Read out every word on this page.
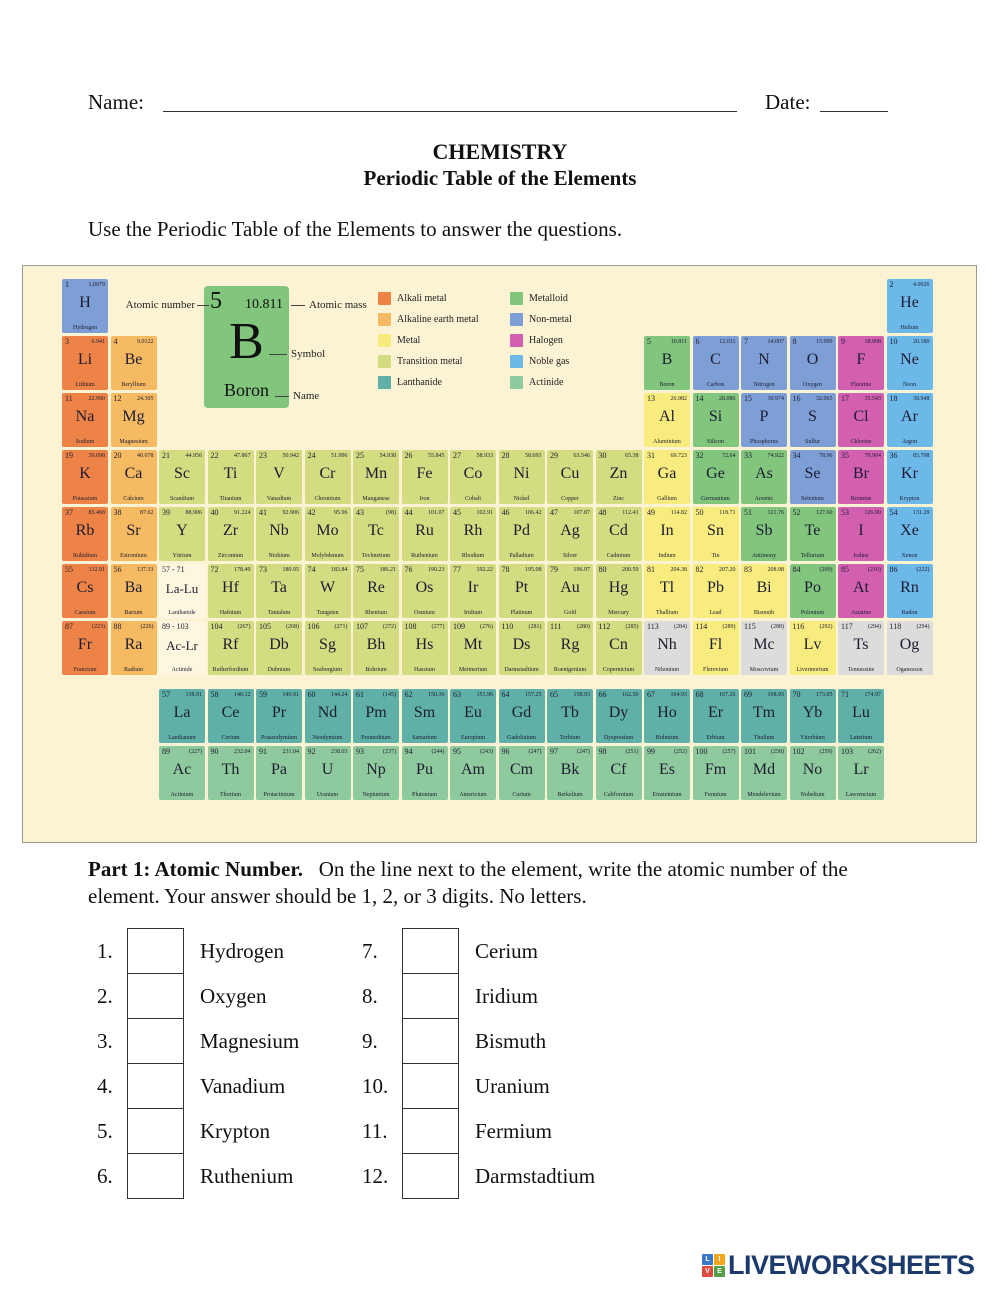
Name:	Date:
CHEMISTRY
Periodic Table of the Elements
Use the Periodic Table of the Elements to answer the questions.
5	10.811
B
Boron
Atomic number	Atomic mass
Symbol
Name
Alkali metal
Alkaline earth metal
Metal
Transition metal
Lanthanide
Metalloid
Non-metal
Halogen
Noble gas
Actinide
1	1.0079
H
Hydrogen
2	4.0026
He
Helium
3	6.941
Li
Lithium
4	9.0122
Be
Beryllium
5	10.811
B
Boron
6	12.011
C
Carbon
7	14.007
N
Nitrogen
8	15.999
O
Oxygen
9	18.998
F
Fluorine
10	20.180
Ne
Neon
11	22.990
Na
Sodium
12	24.305
Mg
Magnesium
13	26.982
Al
Aluminium
14	28.086
Si
Silicon
15	30.974
P
Phosphorus
16	32.065
S
Sulfur
17	35.543
Cl
Chlorine
18	39.948
Ar
Argon
19	39.098
K
Potassium
20	40.078
Ca
Calcium
21	44.956
Sc
Scandium
22	47.867
Ti
Titanium
23	50.942
V
Vanadium
24	51.996
Cr
Chromium
25	54.938
Mn
Manganese
26	55.845
Fe
Iron
27	58.933
Co
Cobalt
28	58.693
Ni
Nickel
29	63.546
Cu
Copper
30	65.38
Zn
Zinc
31	69.723
Ga
Gallium
32	72.64
Ge
Germanium
33	74.922
As
Arsenic
34	78.96
Se
Selenium
35	79.904
Br
Bromine
36	83.798
Kr
Krypton
37	85.468
Rb
Rubidium
38	87.62
Sr
Estrontium
39	88.906
Y
Yttrium
40	91.224
Zr
Zirconium
41	92.906
Nb
Niobium
42	95.96
Mo
Molybdenum
43	(98)
Tc
Technetium
44	101.07
Ru
Ruthenium
45	102.91
Rh
Rhodium
46	106.42
Pd
Palladium
47	107.87
Ag
Silver
48	112.41
Cd
Cadmium
49	114.82
In
Indium
50	118.71
Sn
Tin
51	121.76
Sb
Antimony
52	127.60
Te
Tellurium
53	126.90
I
Iodine
54	131.29
Xe
Xenon
55	132.91
Cs
Caesium
56	137.33
Ba
Barium
57 - 71
La-Lu
Lanthanide
72	178.49
Hf
Hafnium
73	180.95
Ta
Tantalum
74	183.84
W
Tungsten
75	186.21
Re
Rhenium
76	190.23
Os
Osmium
77	192.22
Ir
Iridium
78	195.08
Pt
Platinum
79	196.97
Au
Gold
80	200.59
Hg
Mercury
81	204.38
Tl
Thallium
82	207.20
Pb
Lead
83	208.98
Bi
Bismuth
84	(209)
Po
Polonium
85	(210)
At
Astatine
86	(222)
Rn
Radon
87	(223)
Fr
Francium
88	(226)
Ra
Radium
89 - 103
Ac-Lr
Actinide
104	(267)
Rf
Rutherfordium
105	(268)
Db
Dubnium
106	(271)
Sg
Seaborgium
107	(272)
Bh
Bohrium
108	(277)
Hs
Hassium
109	(276)
Mt
Meitnerium
110	(281)
Ds
Darmstadtium
111	(280)
Rg
Roentgenium
112	(285)
Cn
Copernicium
113	(284)
Nh
Nihonium
114	(289)
Fl
Flerovium
115	(288)
Mc
Moscovium
116	(292)
Lv
Livermorium
117	(294)
Ts
Tennessine
118	(294)
Og
Oganesson
57	138.91
La
Lanthanum
58	140.12
Ce
Cerium
59	140.91
Pr
Praseodymium
60	144.24
Nd
Neodymium
61	(145)
Pm
Promethium
62	150.36
Sm
Samarium
63	151.96
Eu
Europium
64	157.25
Gd
Gadolinium
65	158.93
Tb
Terbium
66	162.50
Dy
Dysprosium
67	164.93
Ho
Holmium
68	167.26
Er
Erbium
69	168.93
Tm
Thulium
70	173.05
Yb
Ytterbium
71	174.97
Lu
Lutetium
89	(227)
Ac
Actinium
90	232.04
Th
Thorium
91	231.04
Pa
Protactinium
92	238.03
U
Uranium
93	(237)
Np
Neptunium
94	(244)
Pu
Plutonium
95	(243)
Am
Americium
96	(247)
Cm
Curium
97	(247)
Bk
Berkelium
98	(251)
Cf
Californium
99	(252)
Es
Einsteinium
100	(257)
Fm
Fermium
101	(258)
Md
Mendelevium
102	(259)
No
Nobelium
103	(262)
Lr
Lawrencium
Part 1: Atomic Number. On the line next to the element, write the atomic number of the element. Your answer should be 1, 2, or 3 digits. No letters.
1.	Hydrogen
2.	Oxygen
3.	Magnesium
4.	Vanadium
5.	Krypton
6.	Ruthenium
7.	Cerium
8.	Iridium
9.	Bismuth
10.	Uranium
11.	Fermium
12.	Darmstadtium
L	I
V	E LIVEWORKSHEETS
